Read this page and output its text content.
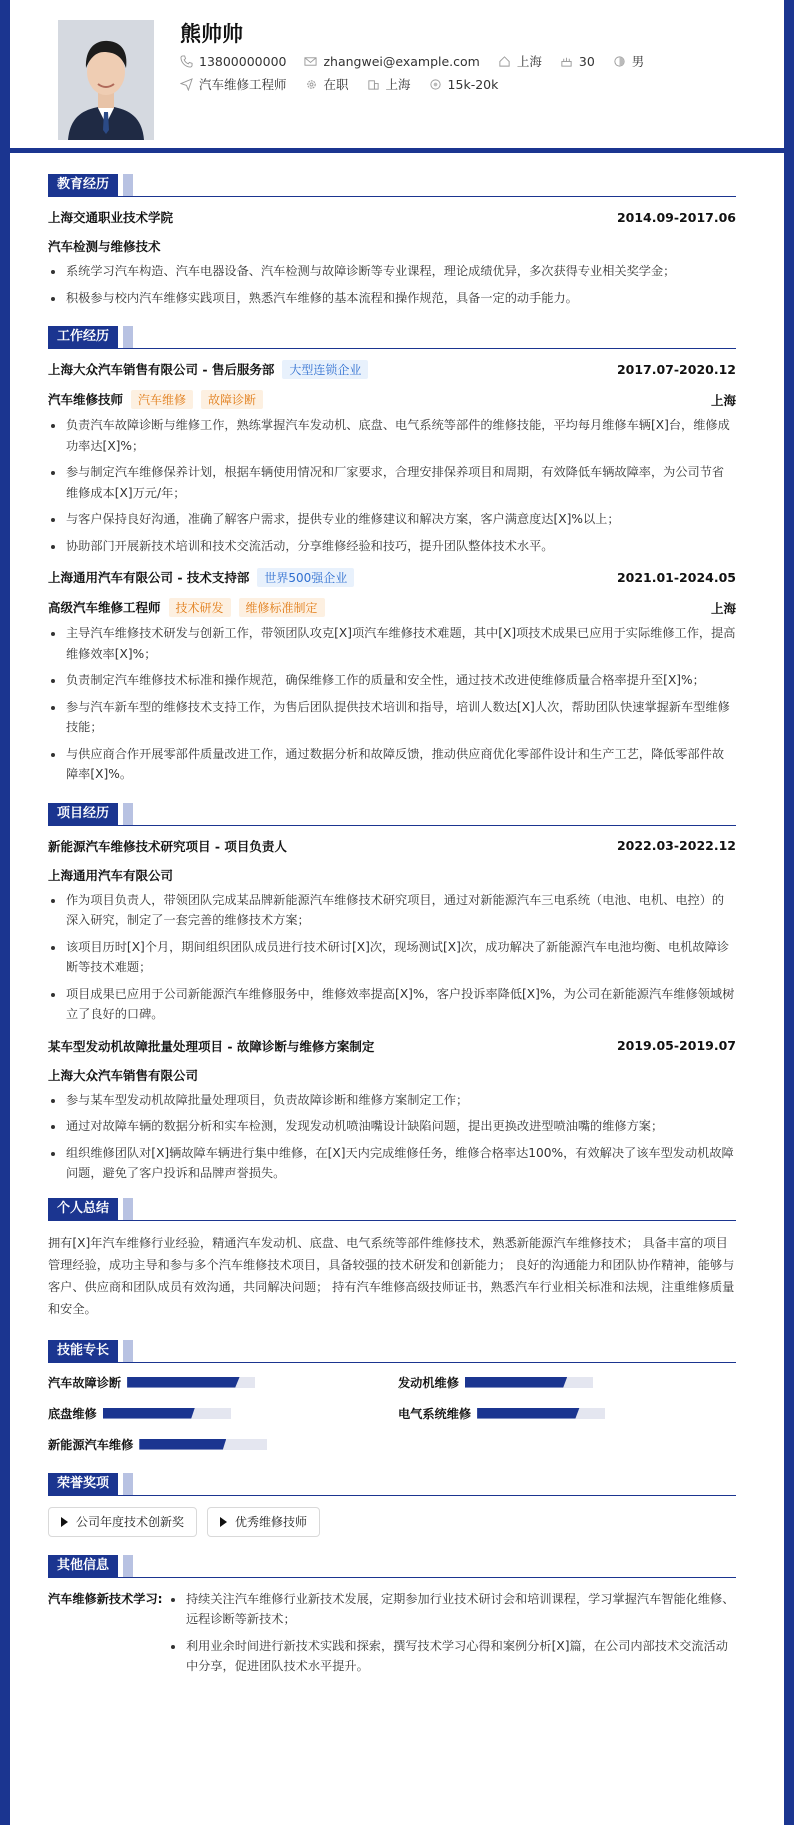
熊帅帅
13800000000	zhangwei@example.com	上海	30	男
汽车维修工程师	在职	上海	15k-20k
教育经历
上海交通职业技术学院	2014.09-2017.06
汽车检测与维修技术
系统学习汽车构造、汽车电器设备、汽车检测与故障诊断等专业课程，理论成绩优异，多次获得专业相关奖学金；
积极参与校内汽车维修实践项目，熟悉汽车维修的基本流程和操作规范，具备一定的动手能力。
工作经历
上海大众汽车销售有限公司 - 售后服务部 大型连锁企业	2017.07-2020.12
汽车维修技师 汽车维修 故障诊断	上海
负责汽车故障诊断与维修工作，熟练掌握汽车发动机、底盘、电气系统等部件的维修技能，平均每月维修车辆[X]台，维修成功率达[X]%；
参与制定汽车维修保养计划，根据车辆使用情况和厂家要求，合理安排保养项目和周期，有效降低车辆故障率，为公司节省维修成本[X]万元/年；
与客户保持良好沟通，准确了解客户需求，提供专业的维修建议和解决方案，客户满意度达[X]%以上；
协助部门开展新技术培训和技术交流活动，分享维修经验和技巧，提升团队整体技术水平。
上海通用汽车有限公司 - 技术支持部 世界500强企业	2021.01-2024.05
高级汽车维修工程师 技术研发 维修标准制定	上海
主导汽车维修技术研发与创新工作，带领团队攻克[X]项汽车维修技术难题，其中[X]项技术成果已应用于实际维修工作，提高维修效率[X]%；
负责制定汽车维修技术标准和操作规范，确保维修工作的质量和安全性，通过技术改进使维修质量合格率提升至[X]%；
参与汽车新车型的维修技术支持工作，为售后团队提供技术培训和指导，培训人数达[X]人次，帮助团队快速掌握新车型维修技能；
与供应商合作开展零部件质量改进工作，通过数据分析和故障反馈，推动供应商优化零部件设计和生产工艺，降低零部件故障率[X]%。
项目经历
新能源汽车维修技术研究项目 - 项目负责人	2022.03-2022.12
上海通用汽车有限公司
作为项目负责人，带领团队完成某品牌新能源汽车维修技术研究项目，通过对新能源汽车三电系统（电池、电机、电控）的深入研究，制定了一套完善的维修技术方案；
该项目历时[X]个月，期间组织团队成员进行技术研讨[X]次，现场测试[X]次，成功解决了新能源汽车电池均衡、电机故障诊断等技术难题；
项目成果已应用于公司新能源汽车维修服务中，维修效率提高[X]%，客户投诉率降低[X]%，为公司在新能源汽车维修领域树立了良好的口碑。
某车型发动机故障批量处理项目 - 故障诊断与维修方案制定	2019.05-2019.07
上海大众汽车销售有限公司
参与某车型发动机故障批量处理项目，负责故障诊断和维修方案制定工作；
通过对故障车辆的数据分析和实车检测，发现发动机喷油嘴设计缺陷问题，提出更换改进型喷油嘴的维修方案；
组织维修团队对[X]辆故障车辆进行集中维修，在[X]天内完成维修任务，维修合格率达100%，有效解决了该车型发动机故障问题，避免了客户投诉和品牌声誉损失。
个人总结

拥有[X]年汽车维修行业经验，精通汽车发动机、底盘、电气系统等部件维修技术，熟悉新能源汽车维修技术； 具备丰富的项目管理经验，成功主导和参与多个汽车维修技术项目，具备较强的技术研发和创新能力； 良好的沟通能力和团队协作精神，能够与客户、供应商和团队成员有效沟通，共同解决问题； 持有汽车维修高级技师证书，熟悉汽车行业相关标准和法规，注重维修质量和安全。

技能专长
汽车故障诊断	发动机维修
底盘维修	电气系统维修
新能源汽车维修
荣誉奖项
公司年度技术创新奖	优秀维修技师
其他信息
汽车维修新技术学习:	持续关注汽车维修行业新技术发展，定期参加行业技术研讨会和培训课程，学习掌握汽车智能化维修、远程诊断等新技术；
利用业余时间进行新技术实践和探索，撰写技术学习心得和案例分析[X]篇，在公司内部技术交流活动中分享，促进团队技术水平提升。
